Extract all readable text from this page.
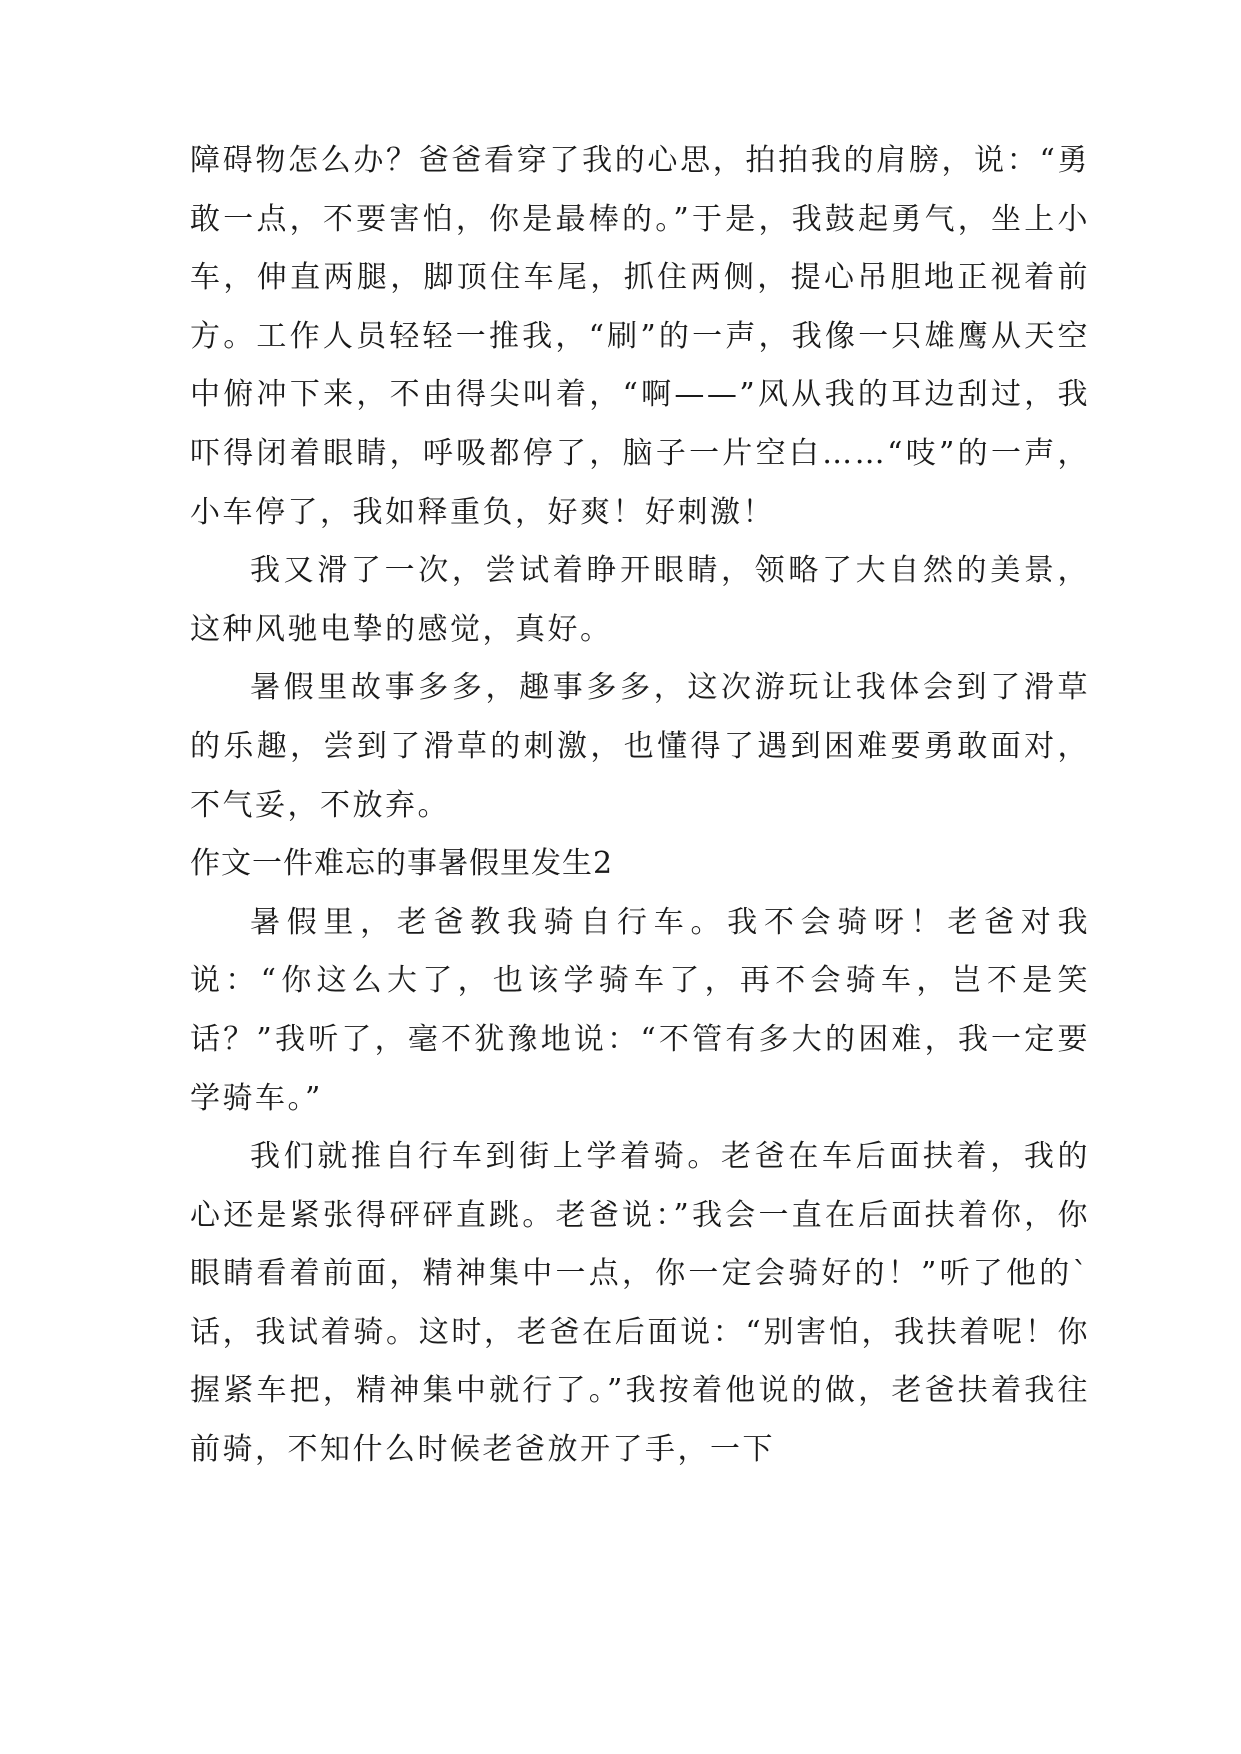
障碍物怎么办？爸爸看穿了我的心思，拍拍我的肩膀，说：“勇敢一点，不要害怕，你是最棒的。”于是，我鼓起勇气，坐上小车，伸直两腿，脚顶住车尾，抓住两侧，提心吊胆地正视着前方。工作人员轻轻一推我，“刷”的一声，我像一只雄鹰从天空中俯冲下来，不由得尖叫着，“啊——”风从我的耳边刮过，我吓得闭着眼睛，呼吸都停了，脑子一片空白……“吱”的一声，小车停了，我如释重负，好爽！好刺激！

我又滑了一次，尝试着睁开眼睛，领略了大自然的美景，这种风驰电挚的感觉，真好。

暑假里故事多多，趣事多多，这次游玩让我体会到了滑草的乐趣，尝到了滑草的刺激，也懂得了遇到困难要勇敢面对，不气妥，不放弃。

作文一件难忘的事暑假里发生2

暑假里，老爸教我骑自行车。我不会骑呀！老爸对我说：“你这么大了，也该学骑车了，再不会骑车，岂不是笑话？”我听了，毫不犹豫地说：“不管有多大的困难，我一定要学骑车。”

我们就推自行车到街上学着骑。老爸在车后面扶着，我的心还是紧张得砰砰直跳。老爸说：”我会一直在后面扶着你，你眼睛看着前面，精神集中一点，你一定会骑好的！”听了他的`话，我试着骑。这时，老爸在后面说：“别害怕，我扶着呢！你握紧车把，精神集中就行了。”我按着他说的做，老爸扶着我往前骑，不知什么时候老爸放开了手，一下
